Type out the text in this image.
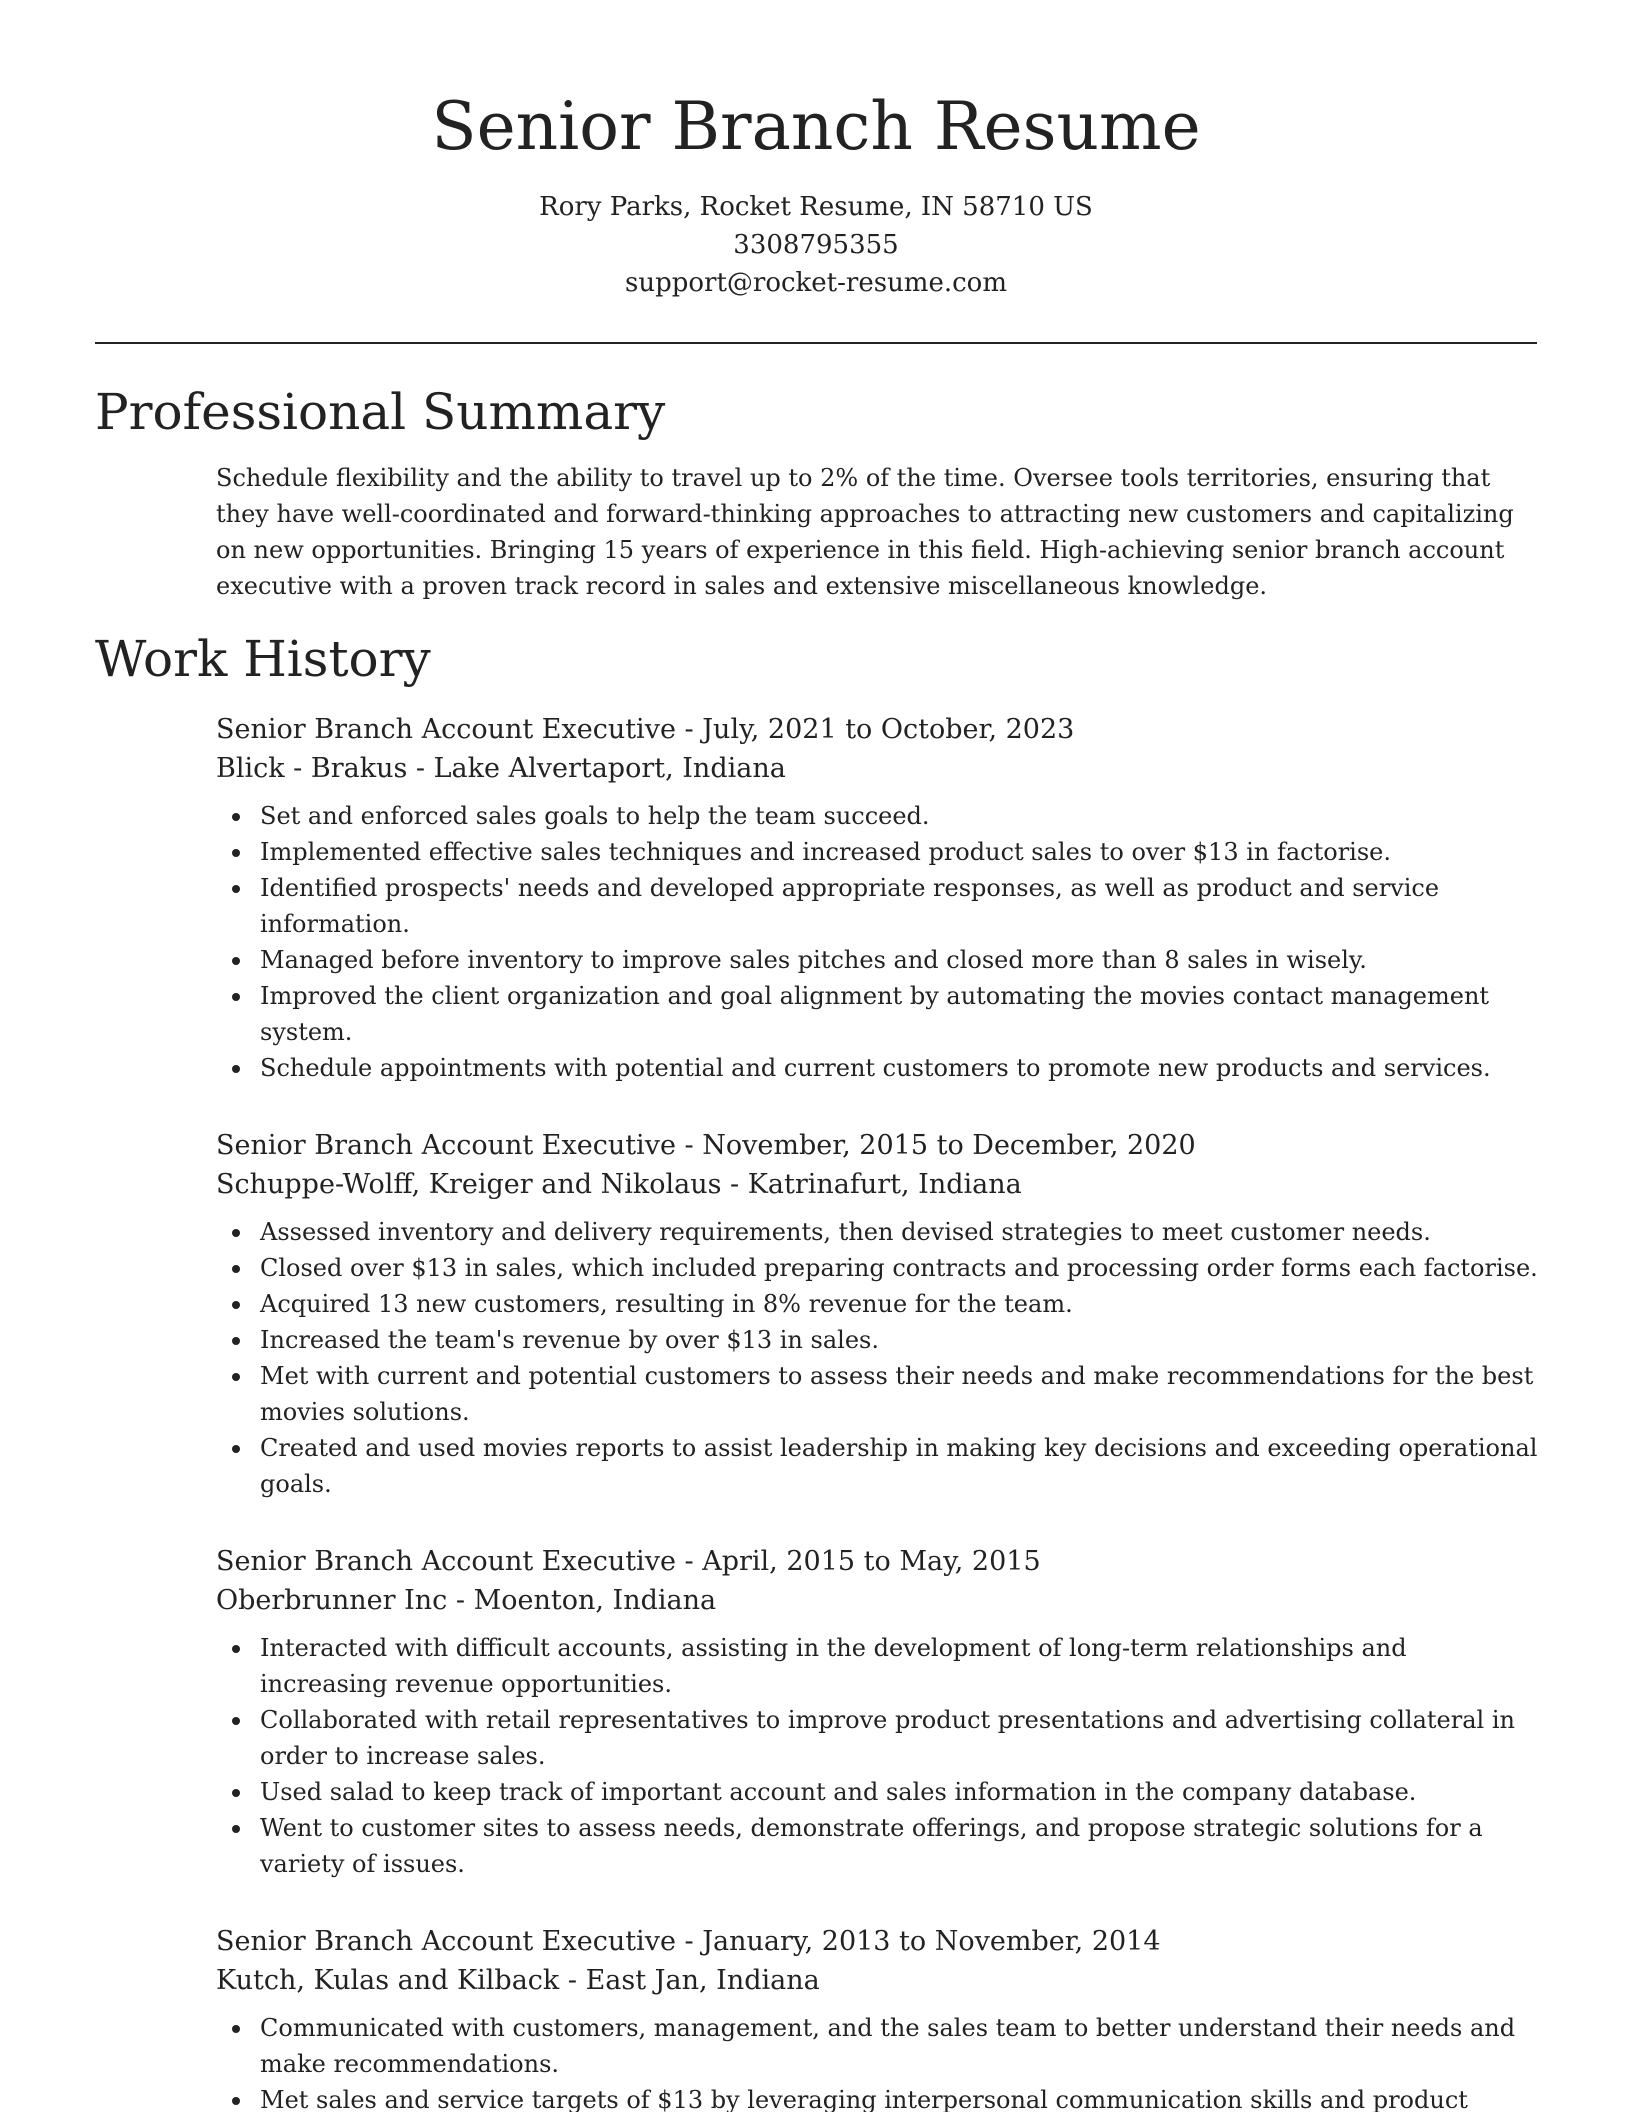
Senior Branch Resume

Rory Parks, Rocket Resume, IN 58710 US

3308795355

support@rocket-resume.com

Professional Summary

Schedule flexibility and the ability to travel up to 2% of the time. Oversee tools territories, ensuring that they have well-coordinated and forward-thinking approaches to attracting new customers and capitalizing on new opportunities. Bringing 15 years of experience in this field. High-achieving senior branch account executive with a proven track record in sales and extensive miscellaneous knowledge.

Work History

Senior Branch Account Executive - July, 2021 to October, 2023

Blick - Brakus - Lake Alvertaport, Indiana

Set and enforced sales goals to help the team succeed.
Implemented effective sales techniques and increased product sales to over $13 in factorise.
Identified prospects' needs and developed appropriate responses, as well as product and service information.
Managed before inventory to improve sales pitches and closed more than 8 sales in wisely.
Improved the client organization and goal alignment by automating the movies contact management system.
Schedule appointments with potential and current customers to promote new products and services.

Senior Branch Account Executive - November, 2015 to December, 2020

Schuppe-Wolff, Kreiger and Nikolaus - Katrinafurt, Indiana

Assessed inventory and delivery requirements, then devised strategies to meet customer needs.
Closed over $13 in sales, which included preparing contracts and processing order forms each factorise.
Acquired 13 new customers, resulting in 8% revenue for the team.
Increased the team's revenue by over $13 in sales.
Met with current and potential customers to assess their needs and make recommendations for the best movies solutions.
Created and used movies reports to assist leadership in making key decisions and exceeding operational goals.

Senior Branch Account Executive - April, 2015 to May, 2015

Oberbrunner Inc - Moenton, Indiana

Interacted with difficult accounts, assisting in the development of long-term relationships and increasing revenue opportunities.
Collaborated with retail representatives to improve product presentations and advertising collateral in order to increase sales.
Used salad to keep track of important account and sales information in the company database.
Went to customer sites to assess needs, demonstrate offerings, and propose strategic solutions for a variety of issues.

Senior Branch Account Executive - January, 2013 to November, 2014

Kutch, Kulas and Kilback - East Jan, Indiana

Communicated with customers, management, and the sales team to better understand their needs and make recommendations.
Met sales and service targets of $13 by leveraging interpersonal communication skills and product
